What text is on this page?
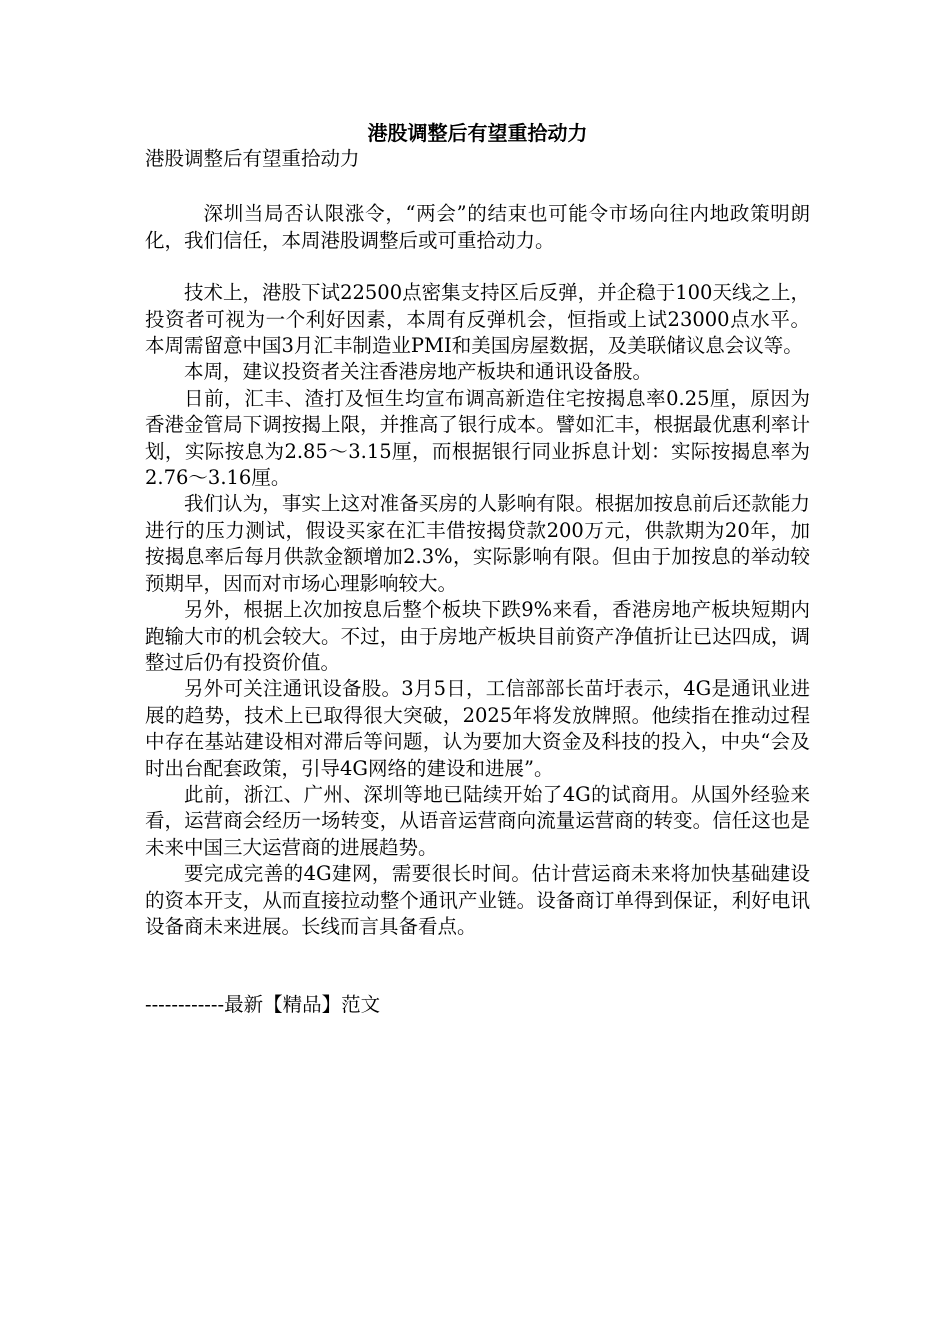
港股调整后有望重拾动力

港股调整后有望重拾动力

深圳当局否认限涨令，“两会”的结束也可能令市场向往内地政策明朗化，我们信任，本周港股调整后或可重拾动力。

技术上，港股下试22500点密集支持区后反弹，并企稳于100天线之上，投资者可视为一个利好因素，本周有反弹机会，恒指或上试23000点水平。本周需留意中国3月汇丰制造业PMI和美国房屋数据，及美联储议息会议等。

本周，建议投资者关注香港房地产板块和通讯设备股。

日前，汇丰、渣打及恒生均宣布调高新造住宅按揭息率0.25厘，原因为香港金管局下调按揭上限，并推高了银行成本。譬如汇丰，根据最优惠利率计划，实际按息为2.85～3.15厘，而根据银行同业拆息计划：实际按揭息率为2.76～3.16厘。

我们认为，事实上这对准备买房的人影响有限。根据加按息前后还款能力进行的压力测试，假设买家在汇丰借按揭贷款200万元，供款期为20年，加按揭息率后每月供款金额增加2.3%，实际影响有限。但由于加按息的举动较预期早，因而对市场心理影响较大。

另外，根据上次加按息后整个板块下跌9%来看，香港房地产板块短期内跑输大市的机会较大。不过，由于房地产板块目前资产净值折让已达四成，调整过后仍有投资价值。

另外可关注通讯设备股。3月5日，工信部部长苗圩表示，4G是通讯业进展的趋势，技术上已取得很大突破，2025年将发放牌照。他续指在推动过程中存在基站建设相对滞后等问题，认为要加大资金及科技的投入，中央“会及时出台配套政策，引导4G网络的建设和进展”。

此前，浙江、广州、深圳等地已陆续开始了4G的试商用。从国外经验来看，运营商会经历一场转变，从语音运营商向流量运营商的转变。信任这也是未来中国三大运营商的进展趋势。

要完成完善的4G建网，需要很长时间。估计营运商未来将加快基础建设的资本开支，从而直接拉动整个通讯产业链。设备商订单得到保证，利好电讯设备商未来进展。长线而言具备看点。

------------最新【精品】范文
